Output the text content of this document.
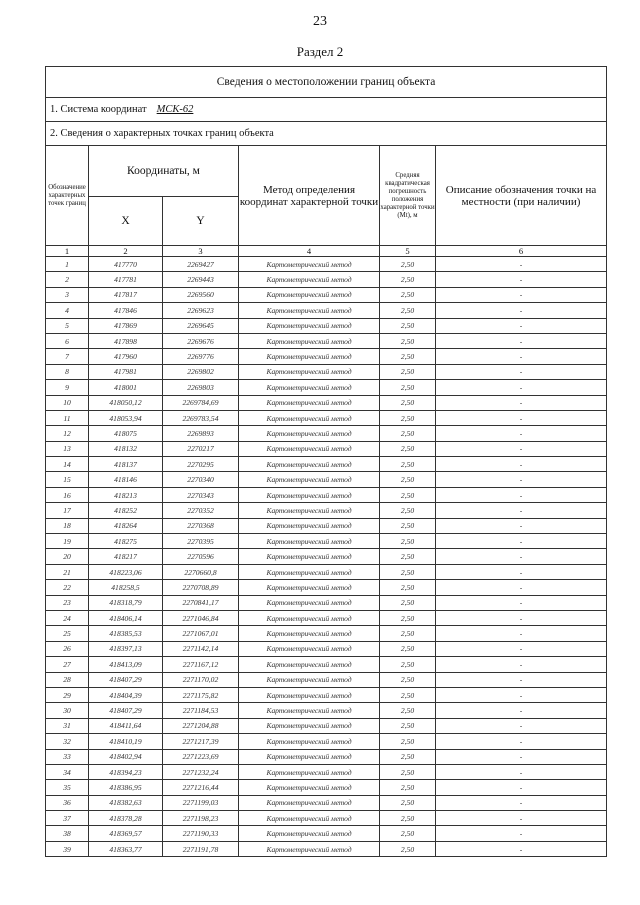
23
Раздел 2
Сведения о местоположении границ объекта					
1. Система координат МСК-62					
2. Сведения о характерных точках границ объекта					
Обозначение характерных точек границ	Координаты, м		Метод определения координат характерной точки	Средняя квадратическая погрешность положения характерной точки (Mt), м	Описание обозначения точки на местности (при наличии)
	X	Y			
1	2	3	4	5	6
1	417770	2269427	Картометрический метод	2,50	-
2	417781	2269443	Картометрический метод	2,50	-
3	417817	2269560	Картометрический метод	2,50	-
4	417846	2269623	Картометрический метод	2,50	-
5	417869	2269645	Картометрический метод	2,50	-
6	417898	2269676	Картометрический метод	2,50	-
7	417960	2269776	Картометрический метод	2,50	-
8	417981	2269802	Картометрический метод	2,50	-
9	418001	2269803	Картометрический метод	2,50	-
10	418050,12	2269784,69	Картометрический метод	2,50	-
11	418053,94	2269783,54	Картометрический метод	2,50	-
12	418075	2269893	Картометрический метод	2,50	-
13	418132	2270217	Картометрический метод	2,50	-
14	418137	2270295	Картометрический метод	2,50	-
15	418146	2270340	Картометрический метод	2,50	-
16	418213	2270343	Картометрический метод	2,50	-
17	418252	2270352	Картометрический метод	2,50	-
18	418264	2270368	Картометрический метод	2,50	-
19	418275	2270395	Картометрический метод	2,50	-
20	418217	2270596	Картометрический метод	2,50	-
21	418223,06	2270660,8	Картометрический метод	2,50	-
22	418258,5	2270708,89	Картометрический метод	2,50	-
23	418318,79	2270841,17	Картометрический метод	2,50	-
24	418406,14	2271046,84	Картометрический метод	2,50	-
25	418385,53	2271067,01	Картометрический метод	2,50	-
26	418397,13	2271142,14	Картометрический метод	2,50	-
27	418413,09	2271167,12	Картометрический метод	2,50	-
28	418407,29	2271170,02	Картометрический метод	2,50	-
29	418404,39	2271175,82	Картометрический метод	2,50	-
30	418407,29	2271184,53	Картометрический метод	2,50	-
31	418411,64	2271204,88	Картометрический метод	2,50	-
32	418410,19	2271217,39	Картометрический метод	2,50	-
33	418402,94	2271223,69	Картометрический метод	2,50	-
34	418394,23	2271232,24	Картометрический метод	2,50	-
35	418386,95	2271216,44	Картометрический метод	2,50	-
36	418382,63	2271199,03	Картометрический метод	2,50	-
37	418378,28	2271198,23	Картометрический метод	2,50	-
38	418369,57	2271190,33	Картометрический метод	2,50	-
39	418363,77	2271191,78	Картометрический метод	2,50	-
